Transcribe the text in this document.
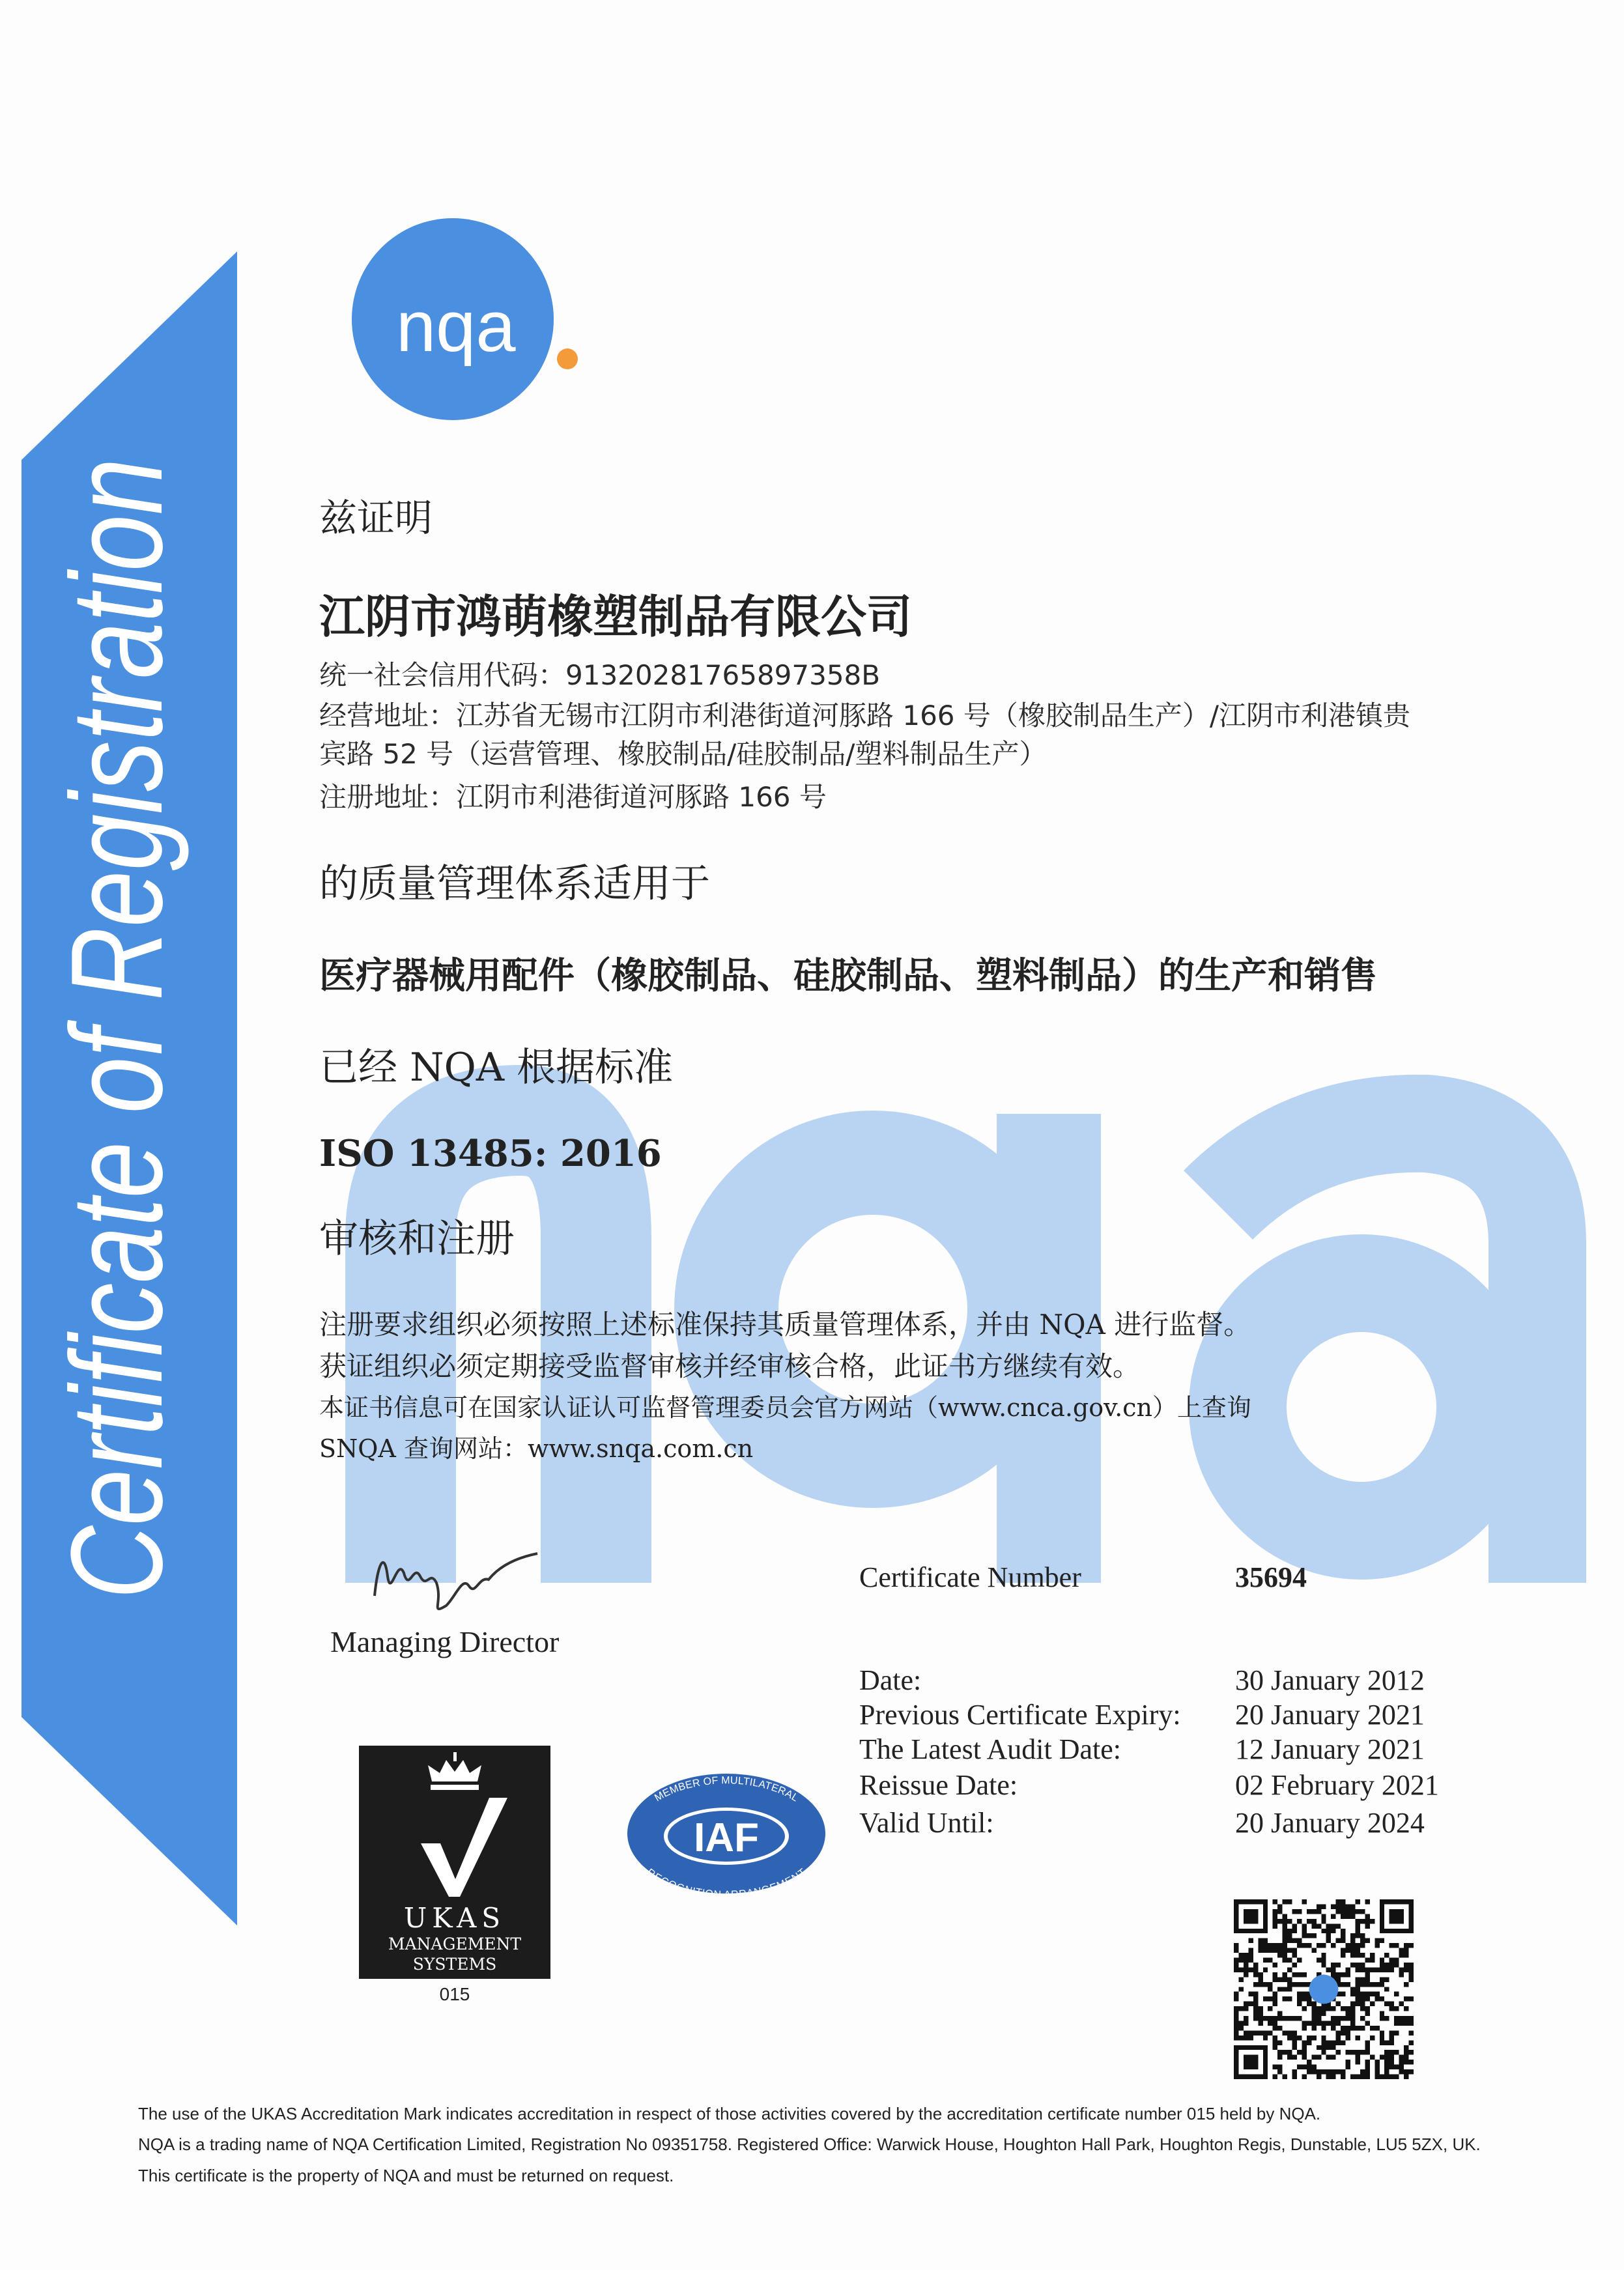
Certificate of Registration
nqa
兹证明
江阴市鸿萌橡塑制品有限公司
统一社会信用代码：91320281765897358B
经营地址：江苏省无锡市江阴市利港街道河豚路 166 号（橡胶制品生产）/江阴市利港镇贵
宾路 52 号（运营管理、橡胶制品/硅胶制品/塑料制品生产）
注册地址：江阴市利港街道河豚路 166 号
的质量管理体系适用于
医疗器械用配件（橡胶制品、硅胶制品、塑料制品）的生产和销售
已经 NQA 根据标准
ISO 13485: 2016
审核和注册
注册要求组织必须按照上述标准保持其质量管理体系，并由 NQA 进行监督。
获证组织必须定期接受监督审核并经审核合格，此证书方继续有效。
本证书信息可在国家认证认可监督管理委员会官方网站（www.cnca.gov.cn）上查询
SNQA 查询网站：www.snqa.com.cn
Managing Director
Certificate Number	35694
Date:	30 January 2012
Previous Certificate Expiry: 20 January 2021
The Latest Audit Date:	12 January 2021
Reissue Date:	02 February 2021
Valid Until:	20 January 2024
UKAS
MANAGEMENT
SYSTEMS
015
MEMBER OF MULTILATERAL
RECOGNITION ARRANGEMENT
IAF
The use of the UKAS Accreditation Mark indicates accreditation in respect of those activities covered by the accreditation certificate number 015 held by NQA.
NQA is a trading name of NQA Certification Limited, Registration No 09351758. Registered Office: Warwick House, Houghton Hall Park, Houghton Regis, Dunstable, LU5 5ZX, UK.
This certificate is the property of NQA and must be returned on request.
